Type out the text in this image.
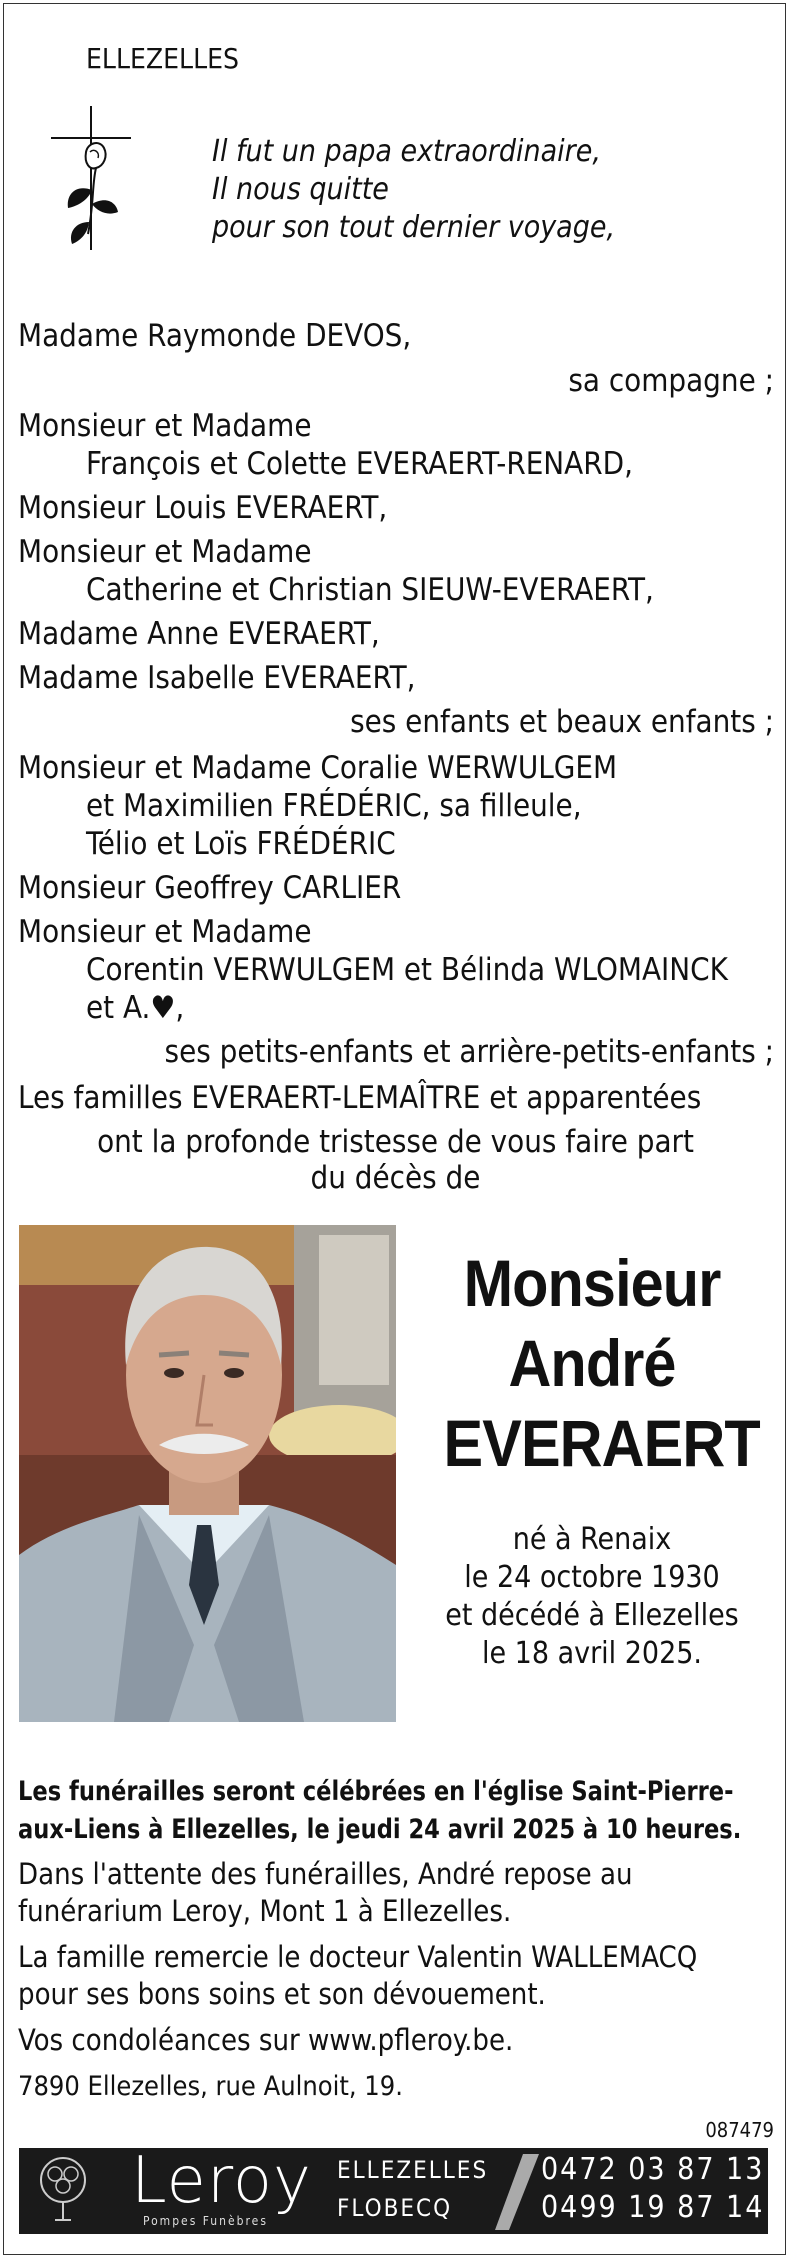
ELLEZELLES
Il fut un papa extraordinaire,
Il nous quitte
pour son tout dernier voyage,
Madame Raymonde DEVOS,
sa compagne ;
Monsieur et Madame
François et Colette EVERAERT-RENARD,
Monsieur Louis EVERAERT,
Monsieur et Madame
Catherine et Christian SIEUW-EVERAERT,
Madame Anne EVERAERT,
Madame Isabelle EVERAERT,
ses enfants et beaux enfants ;
Monsieur et Madame Coralie WERWULGEM
et Maximilien FRÉDÉRIC, sa filleule,
Télio et Loïs FRÉDÉRIC
Monsieur Geoffrey CARLIER
Monsieur et Madame
Corentin VERWULGEM et Bélinda WLOMAINCK
et A.♥,
ses petits-enfants et arrière-petits-enfants ;
Les familles EVERAERT-LEMAÎTRE et apparentées
ont la profonde tristesse de vous faire part
du décès de
Monsieur
André
EVERAERT
né à Renaix
le 24 octobre 1930
et décédé à Ellezelles
le 18 avril 2025.
Les funérailles seront célébrées en l'église Saint-Pierre-
aux-Liens à Ellezelles, le jeudi 24 avril 2025 à 10 heures.
Dans l'attente des funérailles, André repose au
funérarium Leroy, Mont 1 à Ellezelles.
La famille remercie le docteur Valentin WALLEMACQ
pour ses bons soins et son dévouement.
Vos condoléances sur www.pfleroy.be.
7890 Ellezelles, rue Aulnoit, 19.
087479
Leroy
Pompes Funèbres
ELLEZELLES
FLOBECQ
0472 03 87 13
0499 19 87 14
